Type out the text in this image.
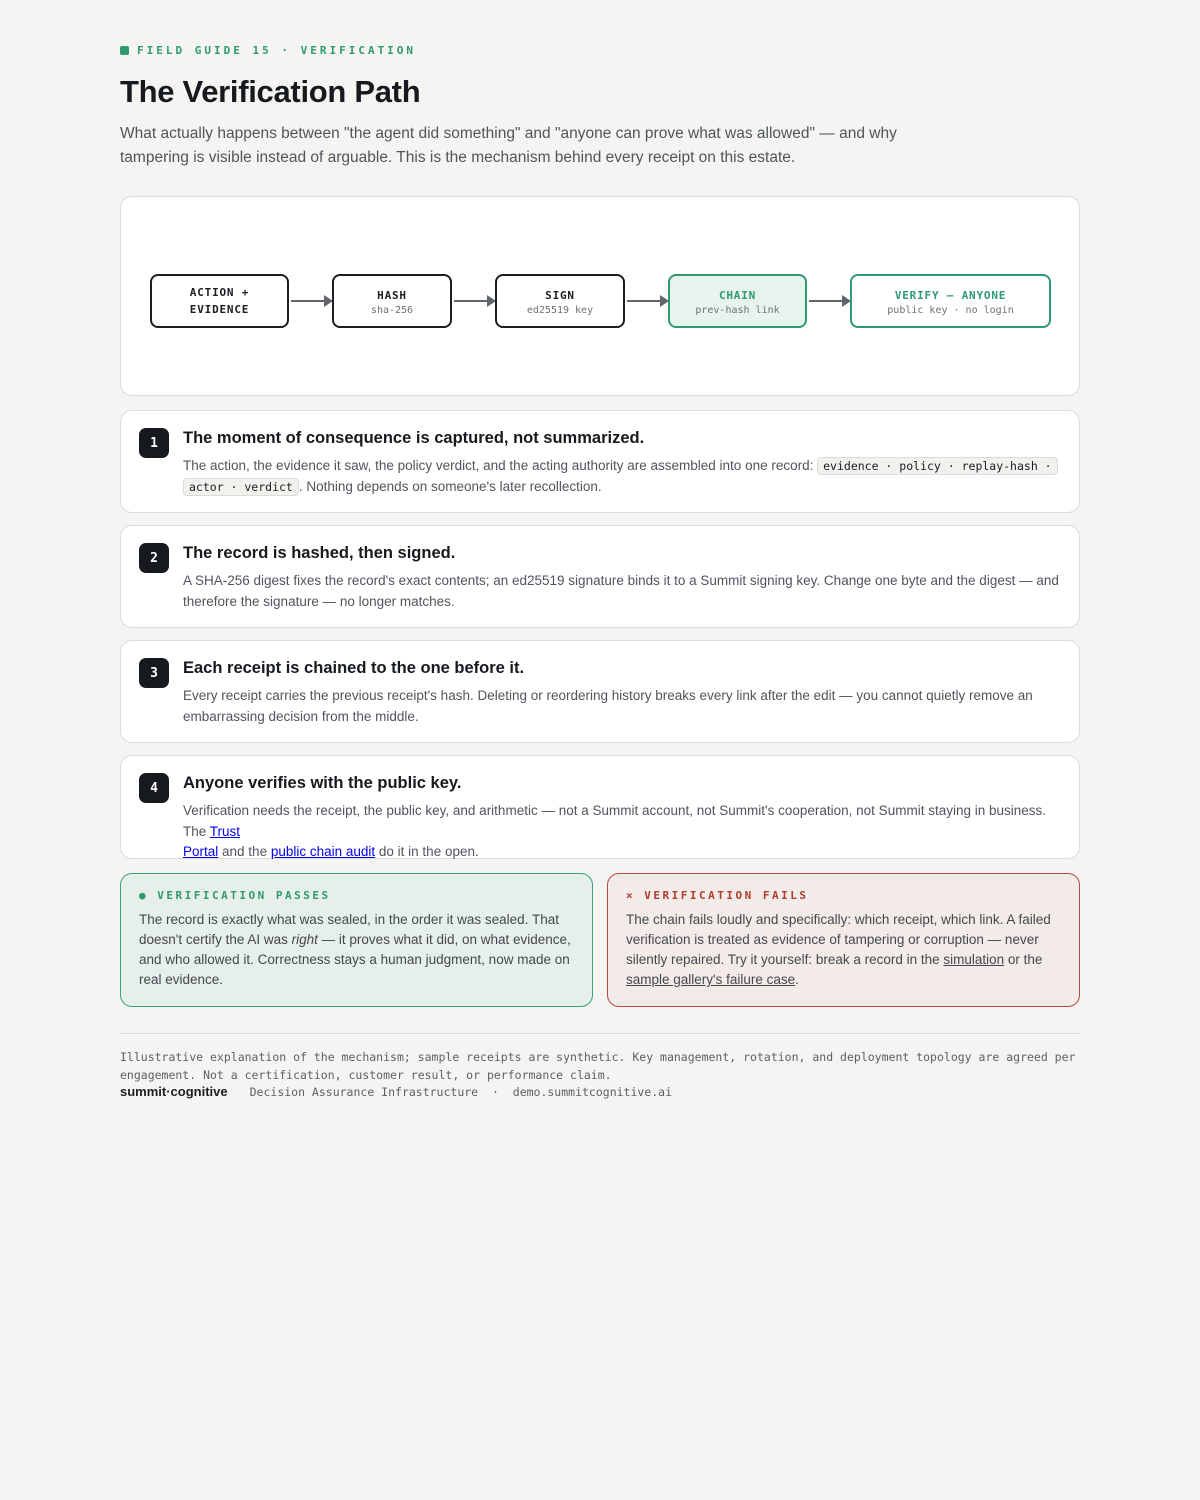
FIELD GUIDE 15 · VERIFICATION
The Verification Path

What actually happens between "the agent did something" and "anyone can prove what was allowed" — and why tampering is visible instead of arguable. This is the mechanism behind every receipt on this estate.

ACTION +
EVIDENCE
HASH
sha-256
SIGN
ed25519 key
CHAIN
prev-hash link
VERIFY — ANYONE
public key · no login
1	The moment of consequence is captured, not summarized.
The action, the evidence it saw, the policy verdict, and the acting authority are assembled into one record: evidence · policy · replay-hash ·
actor · verdict . Nothing depends on someone's later recollection.
2	The record is hashed, then signed.
A SHA-256 digest fixes the record's exact contents; an ed25519 signature binds it to a Summit signing key. Change one byte and the digest — and therefore the signature — no longer matches.
3	Each receipt is chained to the one before it.
Every receipt carries the previous receipt's hash. Deleting or reordering history breaks every link after the edit — you cannot quietly remove an embarrassing decision from the middle.
4	Anyone verifies with the public key.
Verification needs the receipt, the public key, and arithmetic — not a Summit account, not Summit's cooperation, not Summit staying in business. The Trust
Portal and the public chain audit do it in the open.
● VERIFICATION PASSES
The record is exactly what was sealed, in the order it was sealed. That doesn't certify the AI was right — it proves what it did, on what evidence, and who allowed it. Correctness stays a human judgment, now made on real evidence.
× VERIFICATION FAILS
The chain fails loudly and specifically: which receipt, which link. A failed verification is treated as evidence of tampering or corruption — never silently repaired. Try it yourself: break a record in the simulation or the sample gallery's failure case.

Illustrative explanation of the mechanism; sample receipts are synthetic. Key management, rotation, and deployment topology are agreed per engagement. Not a certification, customer result, or performance claim.

summit·cognitive Decision Assurance Infrastructure · demo.summitcognitive.ai
